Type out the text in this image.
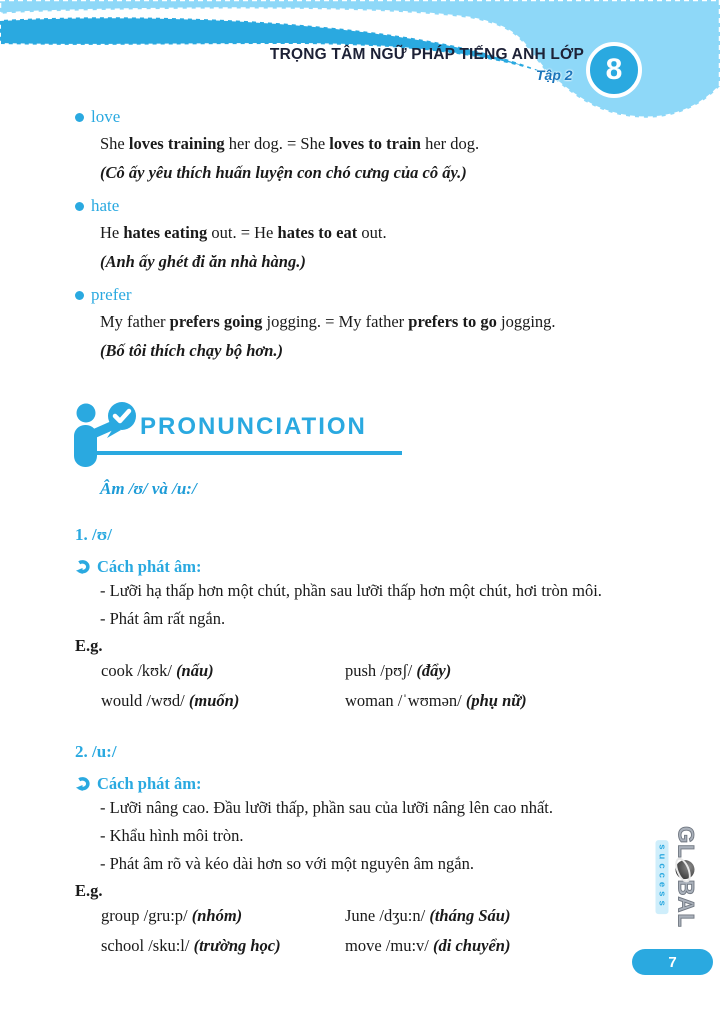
TRỌNG TÂM NGỮ PHÁP TIẾNG ANH LỚP 8
Tập 2
love
She loves training her dog. = She loves to train her dog.
(Cô ấy yêu thích huấn luyện con chó cưng của cô ấy.)
hate
He hates eating out. = He hates to eat out.
(Anh ấy ghét đi ăn nhà hàng.)
prefer
My father prefers going jogging. = My father prefers to go jogging.
(Bố tôi thích chạy bộ hơn.)
PRONUNCIATION
Âm /ʊ/ và /u:/
1. /ʊ/
Cách phát âm:
- Lưỡi hạ thấp hơn một chút, phần sau lưỡi thấp hơn một chút, hơi tròn môi.
- Phát âm rất ngắn.
E.g.
cook /kʊk/ (nấu)	push /pʊʃ/ (đẩy)
would /wʊd/ (muốn)	woman /ˈwʊmən/ (phụ nữ)
2. /u:/
Cách phát âm:
- Lưỡi nâng cao. Đầu lưỡi thấp, phần sau của lưỡi nâng lên cao nhất.
- Khẩu hình môi tròn.
- Phát âm rõ và kéo dài hơn so với một nguyên âm ngắn.
E.g.
group /gru:p/ (nhóm)	June /dʒu:n/ (tháng Sáu)
school /sku:l/ (trường học)	move /mu:v/ (di chuyển)
GL
BAL
success
7
